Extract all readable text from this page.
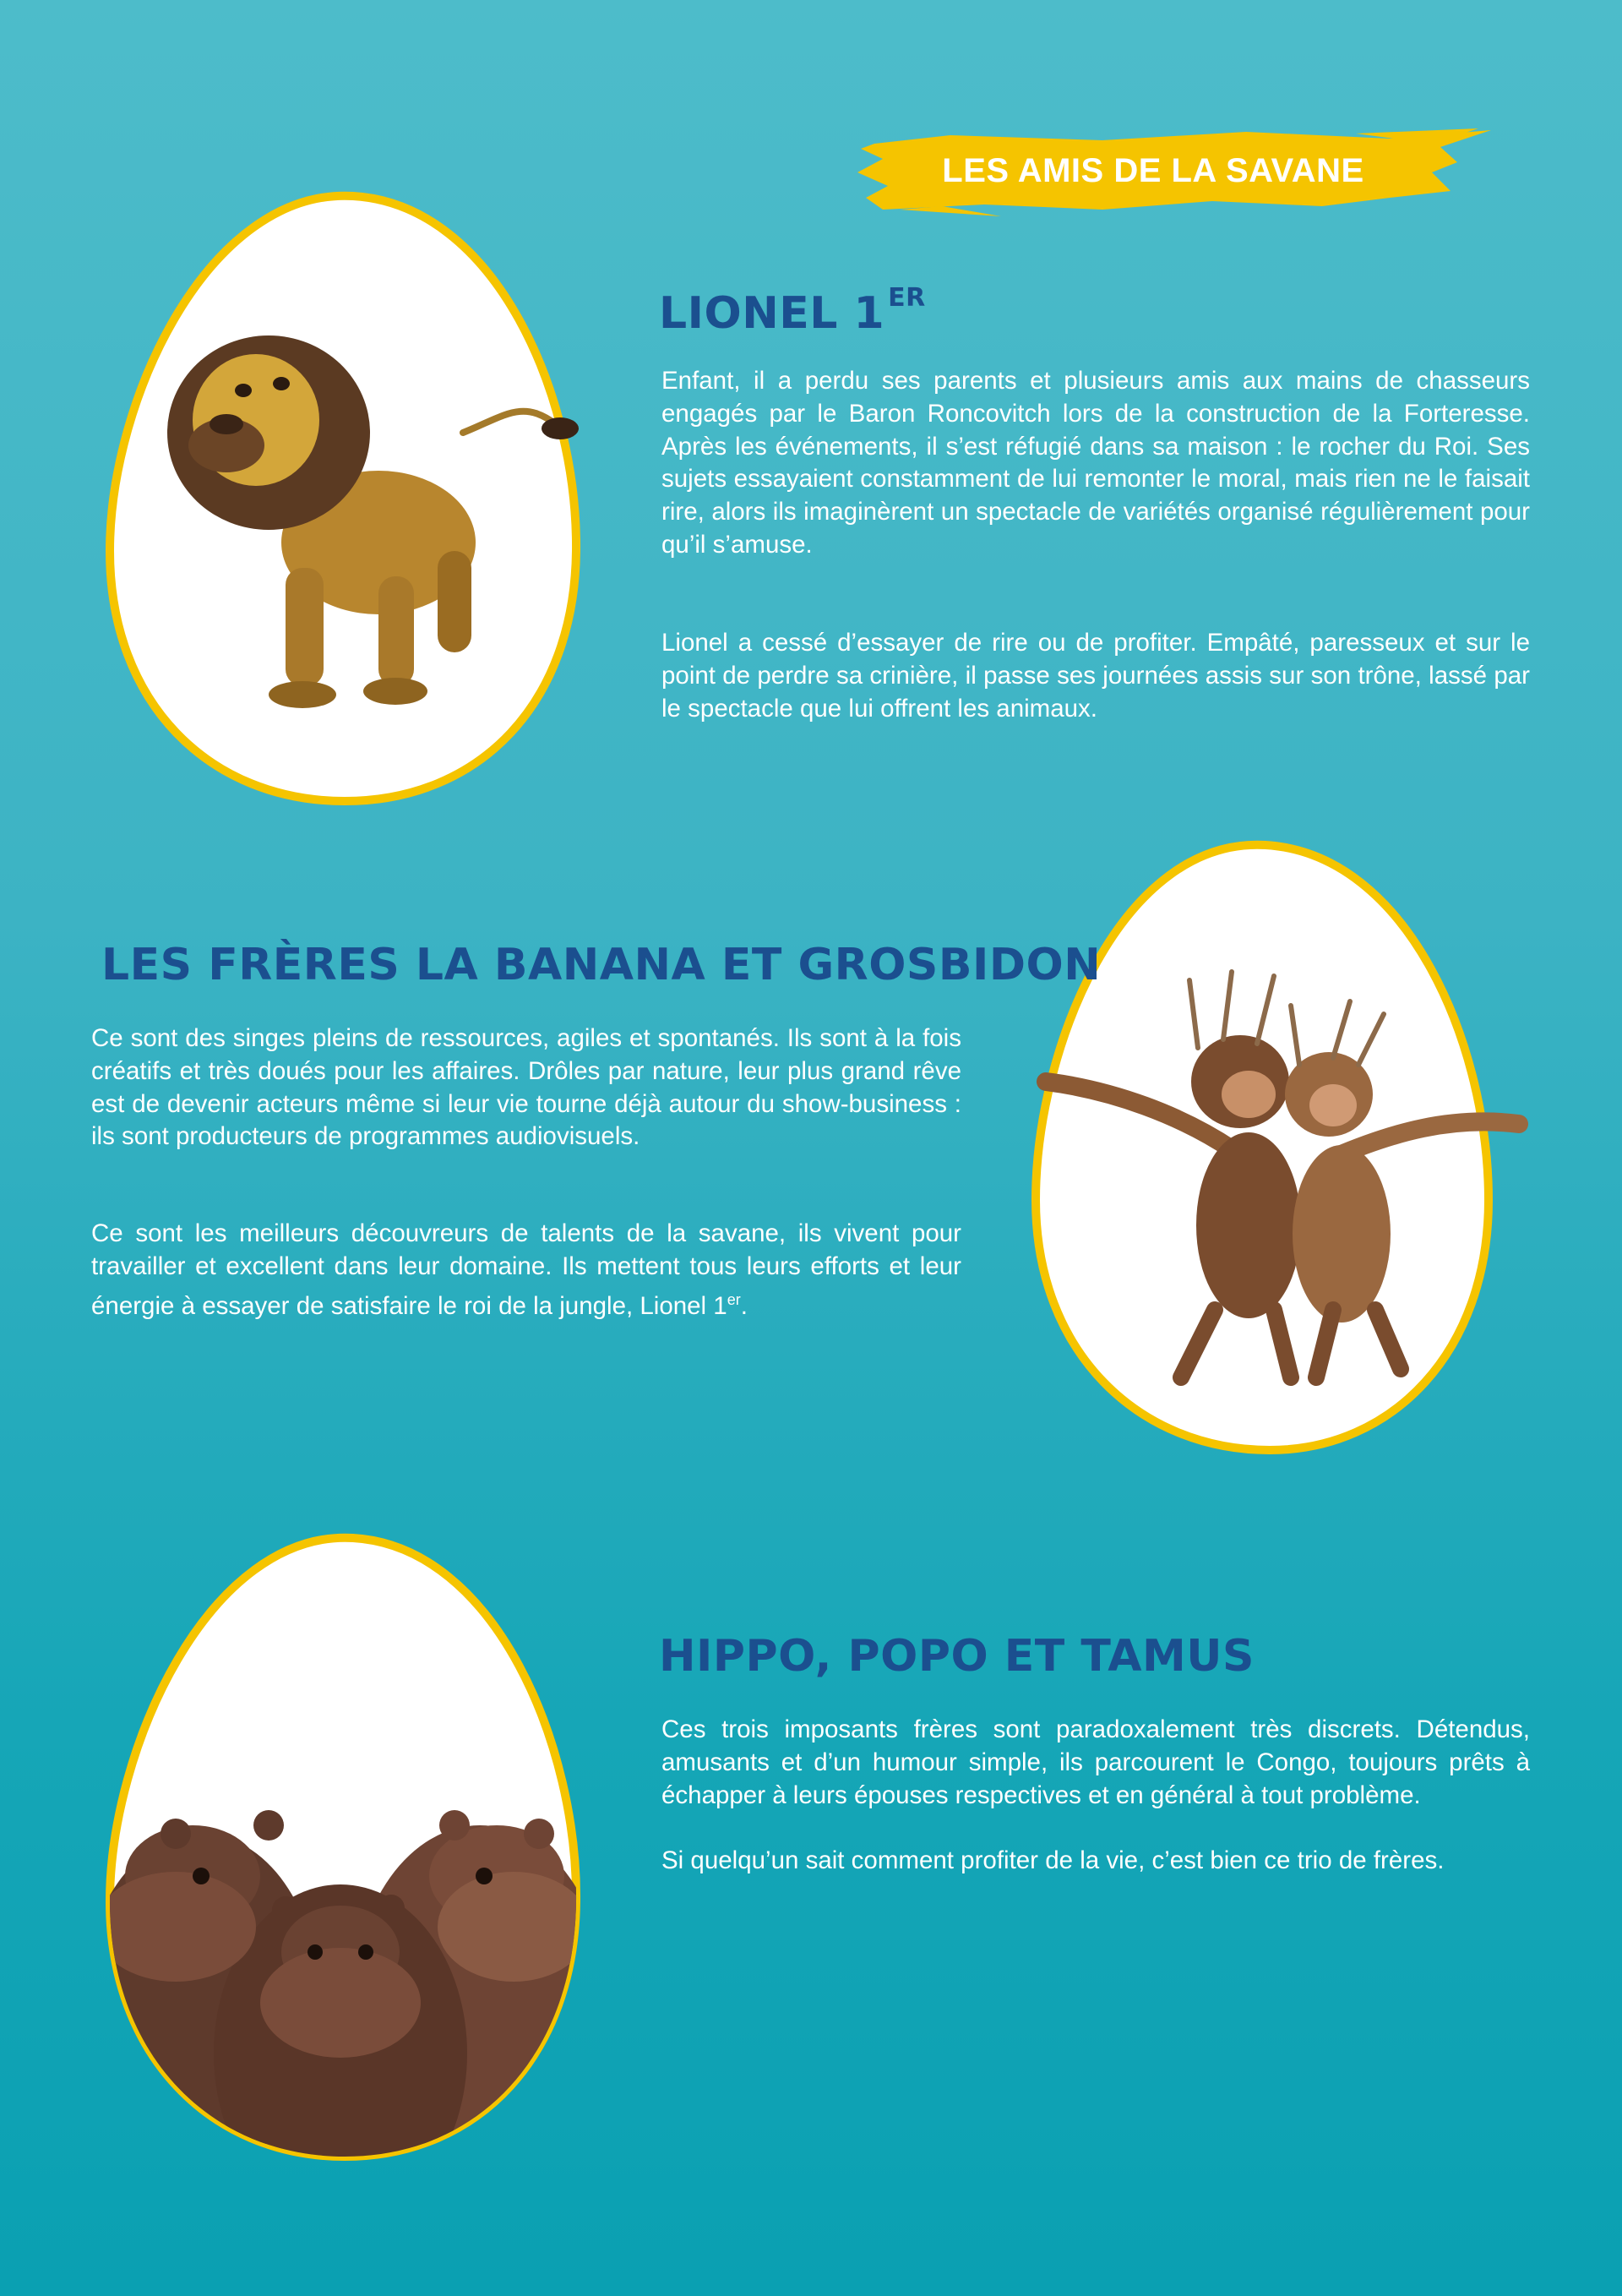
LES AMIS DE LA SAVANE
LIONEL 1 $^{ER}$

Enfant, il a perdu ses parents et plusieurs amis aux mains de chasseurs engagés par le Baron Roncovitch lors de la construction de la Forteresse. Après les événements, il s’est réfugié dans sa maison : le rocher du Roi. Ses sujets essayaient constamment de lui remonter le moral, mais rien ne le faisait rire, alors ils imaginèrent un spectacle de variétés organisé régulièrement pour qu’il s’amuse.

Lionel a cessé d’essayer de rire ou de profiter. Empâté, paresseux et sur le point de perdre sa crinière, il passe ses journées assis sur son trône, lassé par le spectacle que lui offrent les animaux.

LES FRÈRES LA BANANA ET GROSBIDON

Ce sont des singes pleins de ressources, agiles et spontanés. Ils sont à la fois créatifs et très doués pour les affaires. Drôles par nature, leur plus grand rêve est de devenir acteurs même si leur vie tourne déjà autour du show-business : ils sont producteurs de programmes audiovisuels.

Ce sont les meilleurs découvreurs de talents de la savane, ils vivent pour travailler et excellent dans leur domaine. Ils mettent tous leurs efforts et leur énergie à essayer de satisfaire le roi de la jungle, Lionel 1er.

HIPPO, POPO ET TAMUS

Ces trois imposants frères sont paradoxalement très discrets. Détendus, amusants et d’un humour simple, ils parcourent le Congo, toujours prêts à échapper à leurs épouses respectives et en général à tout problème.

Si quelqu’un sait comment profiter de la vie, c’est bien ce trio de frères.
